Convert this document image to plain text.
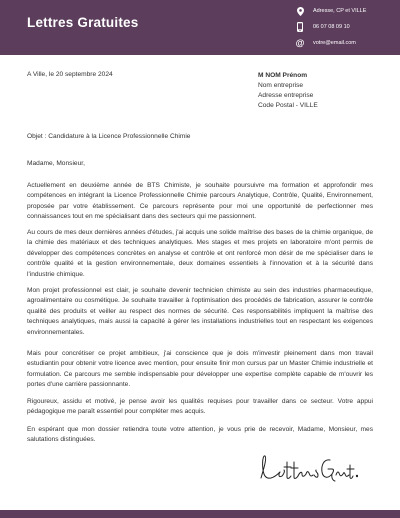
Lettres Gratuites
Adresse, CP et VILLE
06 07 08 09 10
@ votre@email.com
A Ville, le 20 septembre 2024	M NOM Prénom
Nom entreprise
Adresse entreprise
Code Postal - VILLE
Objet : Candidature à la Licence Professionnelle Chimie
Madame, Monsieur,

Actuellement en deuxième année de BTS Chimiste, je souhaite poursuivre ma formation et approfondir mes compétences en intégrant la Licence Professionnelle Chimie parcours Analytique, Contrôle, Qualité, Environnement, proposée par votre établissement. Ce parcours représente pour moi une opportunité de perfectionner mes connaissances tout en me spécialisant dans des secteurs qui me passionnent.

Au cours de mes deux dernières années d'études, j'ai acquis une solide maîtrise des bases de la chimie organique, de la chimie des matériaux et des techniques analytiques. Mes stages et mes projets en laboratoire m'ont permis de développer des compétences concrètes en analyse et contrôle et ont renforcé mon désir de me spécialiser dans le contrôle qualité et la gestion environnementale, deux domaines essentiels à l'innovation et à la sécurité dans l'industrie chimique.

Mon projet professionnel est clair, je souhaite devenir technicien chimiste au sein des industries pharmaceutique, agroalimentaire ou cosmétique. Je souhaite travailler à l'optimisation des procédés de fabrication, assurer le contrôle qualité des produits et veiller au respect des normes de sécurité. Ces responsabilités impliquent la maîtrise des techniques analytiques, mais aussi la capacité à gérer les installations industrielles tout en respectant les exigences environnementales.

Mais pour concrétiser ce projet ambitieux, j'ai conscience que je dois m'investir pleinement dans mon travail estudiantin pour obtenir votre licence avec mention, pour ensuite finir mon cursus par un Master Chimie industrielle et formulation. Ce parcours me semble indispensable pour développer une expertise complète capable de m'ouvrir les portes d'une carrière passionnante.

Rigoureux, assidu et motivé, je pense avoir les qualités requises pour travailler dans ce secteur. Votre appui pédagogique me paraît essentiel pour compléter mes acquis.

En espérant que mon dossier retiendra toute votre attention, je vous prie de recevoir, Madame, Monsieur, mes salutations distinguées.
